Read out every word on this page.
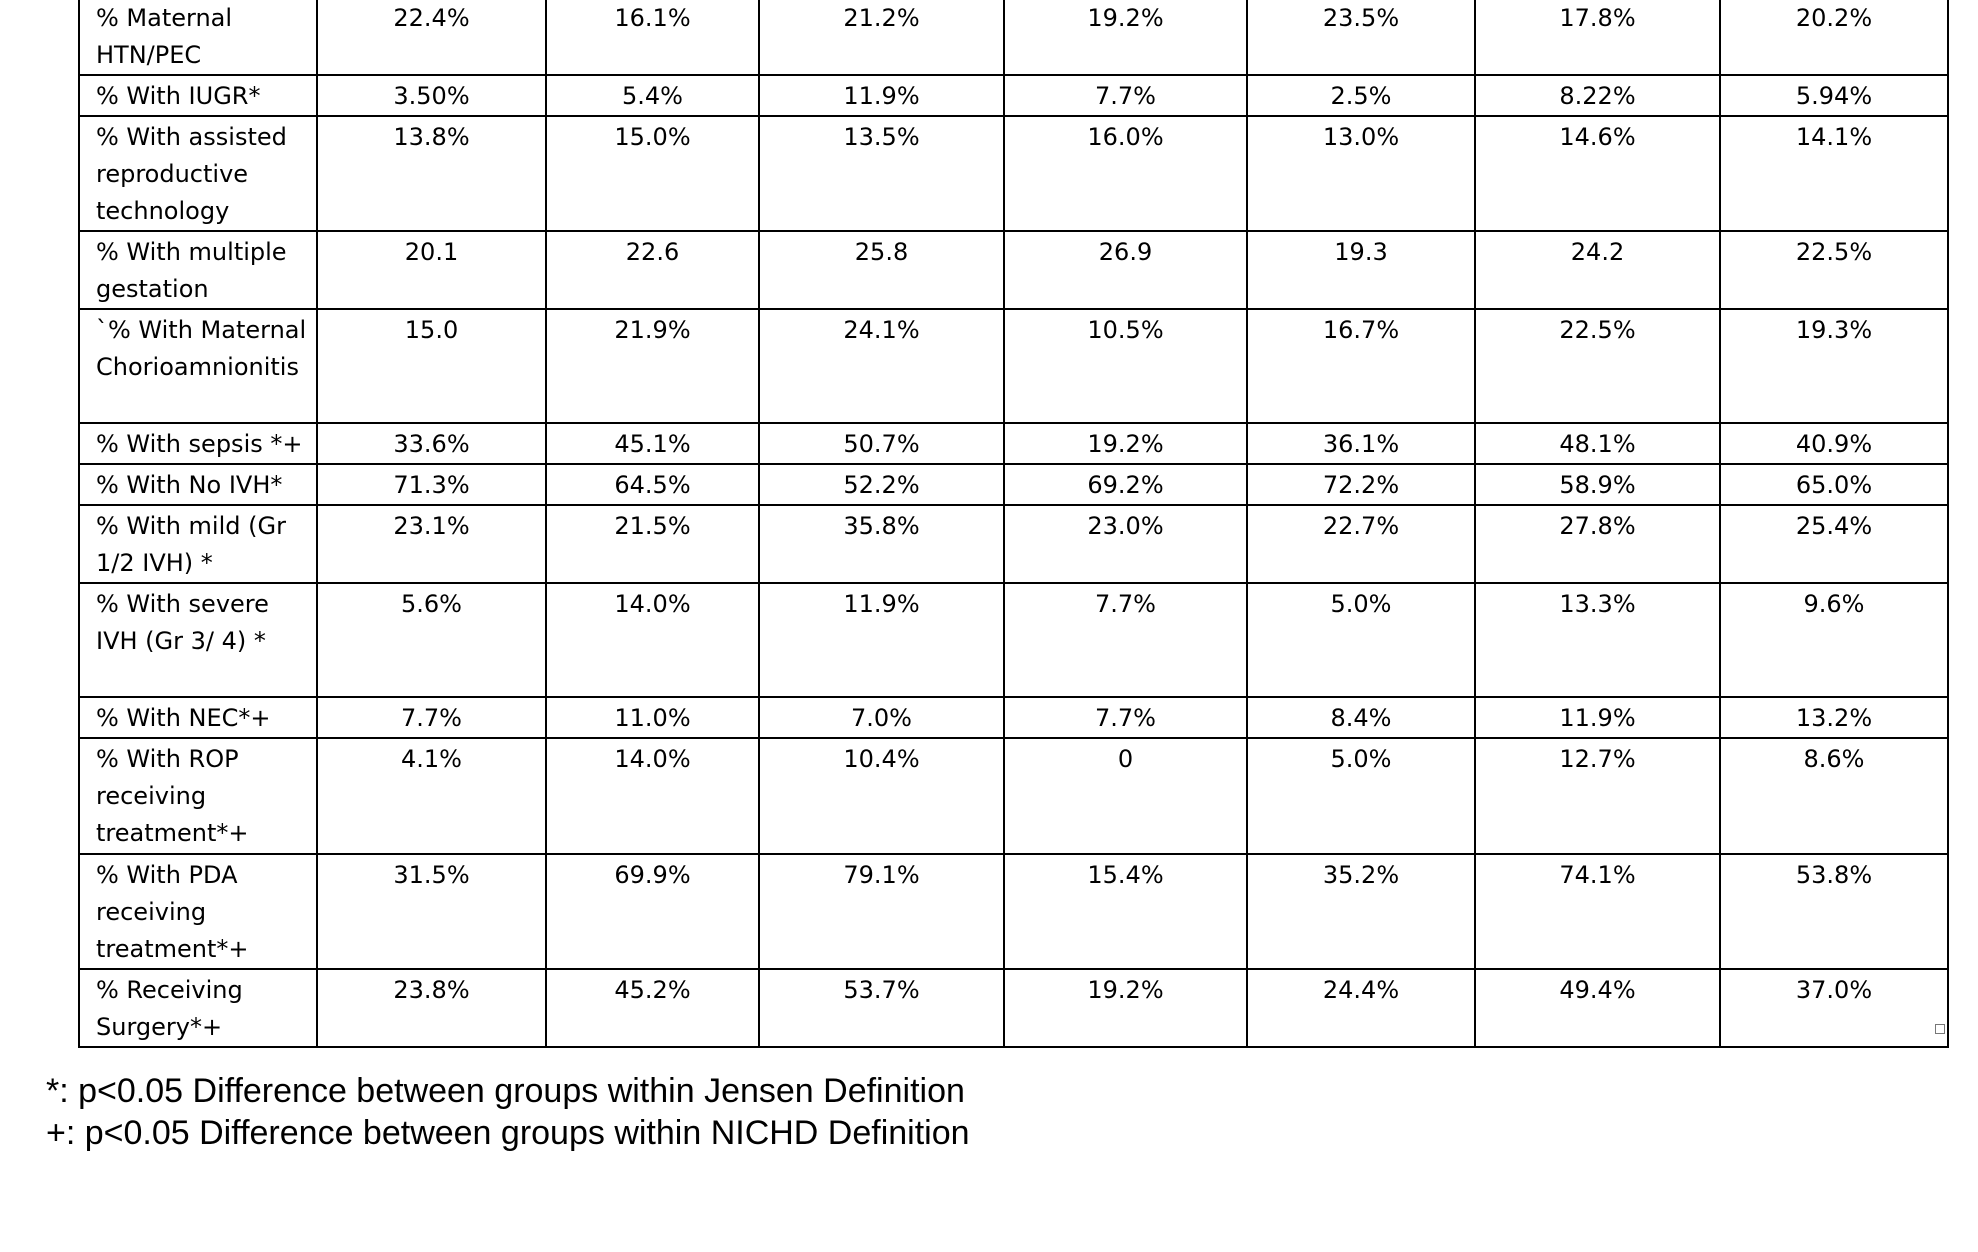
% Maternal HTN/PEC	22.4%	16.1%	21.2%	19.2%	23.5%	17.8%	20.2%
% With IUGR*	3.50%	5.4%	11.9%	7.7%	2.5%	8.22%	5.94%
% With assisted reproductive technology	13.8%	15.0%	13.5%	16.0%	13.0%	14.6%	14.1%
% With multiple gestation	20.1	22.6	25.8	26.9	19.3	24.2	22.5%
`% With Maternal Chorioamnionitis	15.0	21.9%	24.1%	10.5%	16.7%	22.5%	19.3%
% With sepsis *+	33.6%	45.1%	50.7%	19.2%	36.1%	48.1%	40.9%
% With No IVH*	71.3%	64.5%	52.2%	69.2%	72.2%	58.9%	65.0%
% With mild (Gr 1/2 IVH) *	23.1%	21.5%	35.8%	23.0%	22.7%	27.8%	25.4%
% With severe IVH (Gr 3/ 4) *	5.6%	14.0%	11.9%	7.7%	5.0%	13.3%	9.6%
% With NEC*+	7.7%	11.0%	7.0%	7.7%	8.4%	11.9%	13.2%
% With ROP receiving treatment*+	4.1%	14.0%	10.4%	0	5.0%	12.7%	8.6%
% With PDA receiving treatment*+	31.5%	69.9%	79.1%	15.4%	35.2%	74.1%	53.8%
% Receiving Surgery*+	23.8%	45.2%	53.7%	19.2%	24.4%	49.4%	37.0%
*: p<0.05 Difference between groups within Jensen Definition
+: p<0.05 Difference between groups within NICHD Definition
